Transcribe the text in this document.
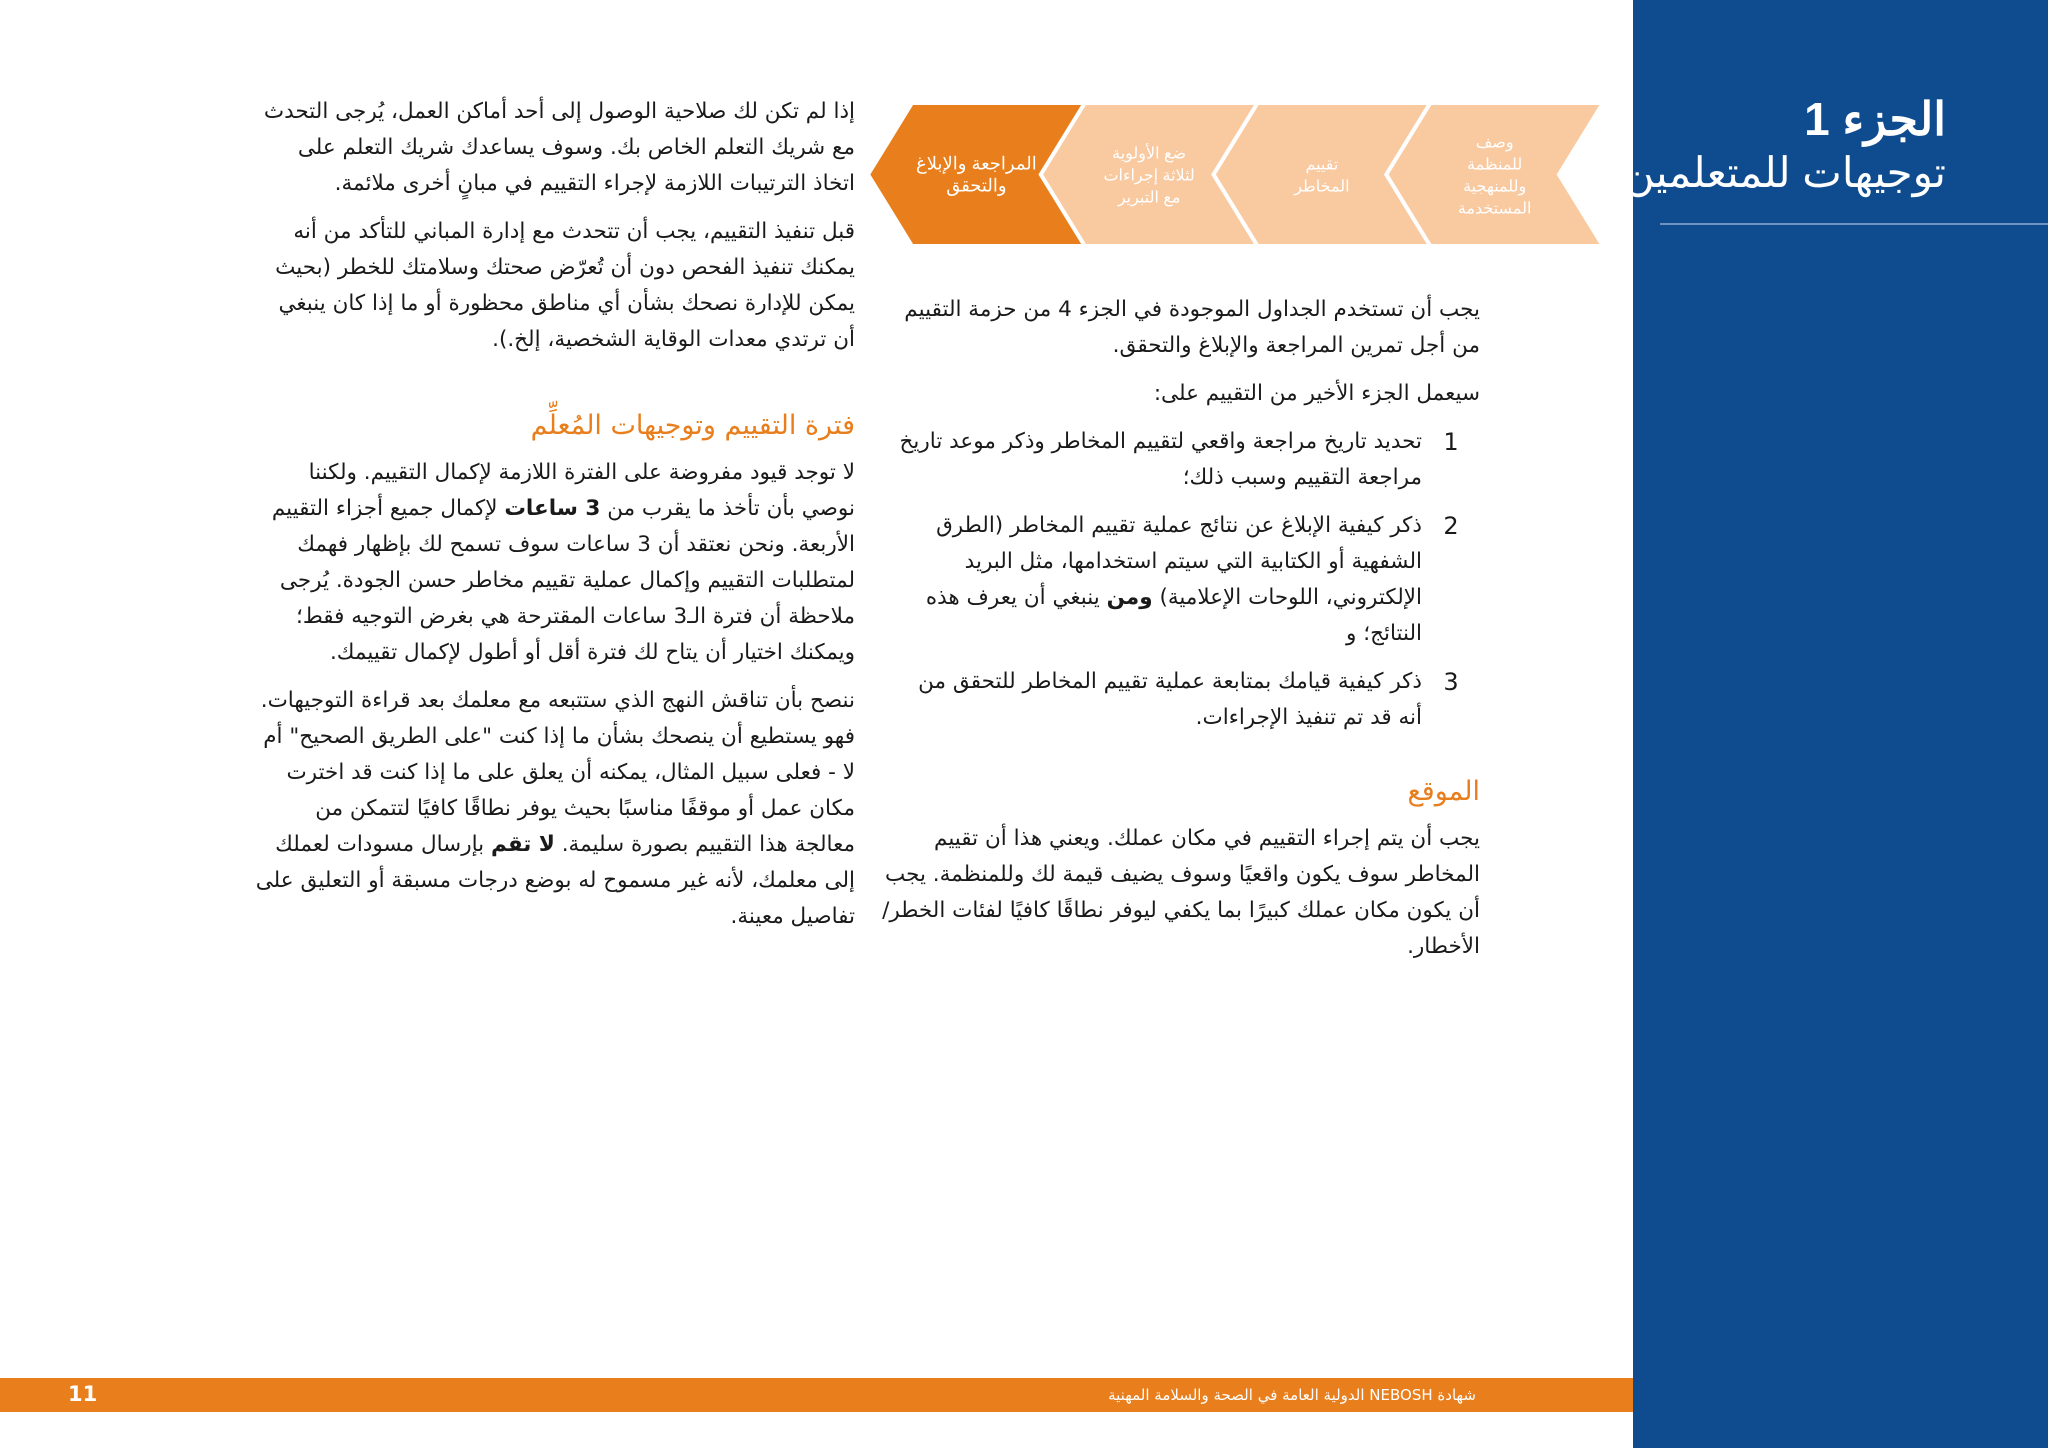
الجزء 1
توجيهات للمتعلمين
وصف
للمنظمة
وللمنهجية
المستخدمة
تقييم
المخاطر
ضع الأولوية
لثلاثة إجراءات
مع التبرير
المراجعة والإبلاغ
والتحقق

يجب أن تستخدم الجداول الموجودة في الجزء 4 من حزمة التقييم من أجل تمرين المراجعة والإبلاغ والتحقق.

سيعمل الجزء الأخير من التقييم على:

1
تحديد تاريخ مراجعة واقعي لتقييم المخاطر وذكر موعد تاريخ مراجعة التقييم وسبب ذلك؛
2
ذكر كيفية الإبلاغ عن نتائج عملية تقييم المخاطر (الطرق الشفهية أو الكتابية التي سيتم استخدامها، مثل البريد الإلكتروني، اللوحات الإعلامية) ومن ينبغي أن يعرف هذه النتائج؛ و
3
ذكر كيفية قيامك بمتابعة عملية تقييم المخاطر للتحقق من أنه قد تم تنفيذ الإجراءات.
الموقع

يجب أن يتم إجراء التقييم في مكان عملك. ويعني هذا أن تقييم المخاطر سوف يكون واقعيًا وسوف يضيف قيمة لك وللمنظمة. يجب أن يكون مكان عملك كبيرًا بما يكفي ليوفر نطاقًا كافيًا لفئات الخطر/الأخطار.

إذا لم تكن لك صلاحية الوصول إلى أحد أماكن العمل، يُرجى التحدث مع شريك التعلم الخاص بك. وسوف يساعدك شريك التعلم على اتخاذ الترتيبات اللازمة لإجراء التقييم في مبانٍ أخرى ملائمة.

قبل تنفيذ التقييم، يجب أن تتحدث مع إدارة المباني للتأكد من أنه يمكنك تنفيذ الفحص دون أن تُعرّض صحتك وسلامتك للخطر (بحيث يمكن للإدارة نصحك بشأن أي مناطق محظورة أو ما إذا كان ينبغي أن ترتدي معدات الوقاية الشخصية، إلخ.).

فترة التقييم وتوجيهات المُعلِّم

لا توجد قيود مفروضة على الفترة اللازمة لإكمال التقييم. ولكننا نوصي بأن تأخذ ما يقرب من 3 ساعات لإكمال جميع أجزاء التقييم الأربعة. ونحن نعتقد أن 3 ساعات سوف تسمح لك بإظهار فهمك لمتطلبات التقييم وإكمال عملية تقييم مخاطر حسن الجودة. يُرجى ملاحظة أن فترة الـ3 ساعات المقترحة هي بغرض التوجيه فقط؛ ويمكنك اختيار أن يتاح لك فترة أقل أو أطول لإكمال تقييمك.

ننصح بأن تناقش النهج الذي ستتبعه مع معلمك بعد قراءة التوجيهات. فهو يستطيع أن ينصحك بشأن ما إذا كنت "على الطريق الصحيح" أم لا - فعلى سبيل المثال، يمكنه أن يعلق على ما إذا كنت قد اخترت مكان عمل أو موقفًا مناسبًا بحيث يوفر نطاقًا كافيًا لتتمكن من معالجة هذا التقييم بصورة سليمة. لا تقم بإرسال مسودات لعملك إلى معلمك، لأنه غير مسموح له بوضع درجات مسبقة أو التعليق على تفاصيل معينة.

11	شهادة NEBOSH الدولية العامة في الصحة والسلامة المهنية
